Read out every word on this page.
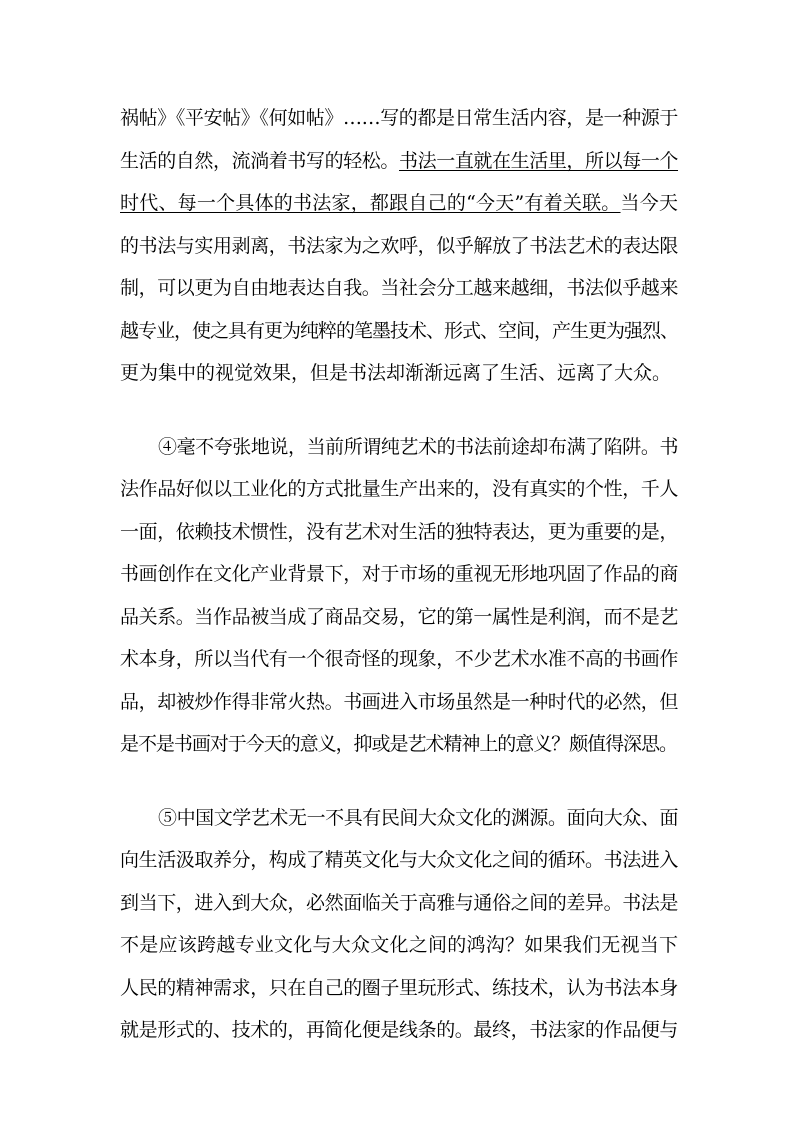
祸帖》《平安帖》《何如帖》……写的都是日常生活内容，是一种源于
生活的自然，流淌着书写的轻松。书法一直就在生活里，所以每一个
时代、每一个具体的书法家，都跟自己的“今天”有着关联。当今天
的书法与实用剥离，书法家为之欢呼，似乎解放了书法艺术的表达限
制，可以更为自由地表达自我。当社会分工越来越细，书法似乎越来
越专业，使之具有更为纯粹的笔墨技术、形式、空间，产生更为强烈、
更为集中的视觉效果，但是书法却渐渐远离了生活、远离了大众。
④毫不夸张地说，当前所谓纯艺术的书法前途却布满了陷阱。书
法作品好似以工业化的方式批量生产出来的，没有真实的个性，千人
一面，依赖技术惯性，没有艺术对生活的独特表达，更为重要的是，
书画创作在文化产业背景下，对于市场的重视无形地巩固了作品的商
品关系。当作品被当成了商品交易，它的第一属性是利润，而不是艺
术本身，所以当代有一个很奇怪的现象，不少艺术水准不高的书画作
品，却被炒作得非常火热。书画进入市场虽然是一种时代的必然，但
是不是书画对于今天的意义，抑或是艺术精神上的意义？颇值得深思。
⑤中国文学艺术无一不具有民间大众文化的渊源。面向大众、面
向生活汲取养分，构成了精英文化与大众文化之间的循环。书法进入
到当下，进入到大众，必然面临关于高雅与通俗之间的差异。书法是
不是应该跨越专业文化与大众文化之间的鸿沟？如果我们无视当下
人民的精神需求，只在自己的圈子里玩形式、练技术，认为书法本身
就是形式的、技术的，再简化便是线条的。最终，书法家的作品便与
